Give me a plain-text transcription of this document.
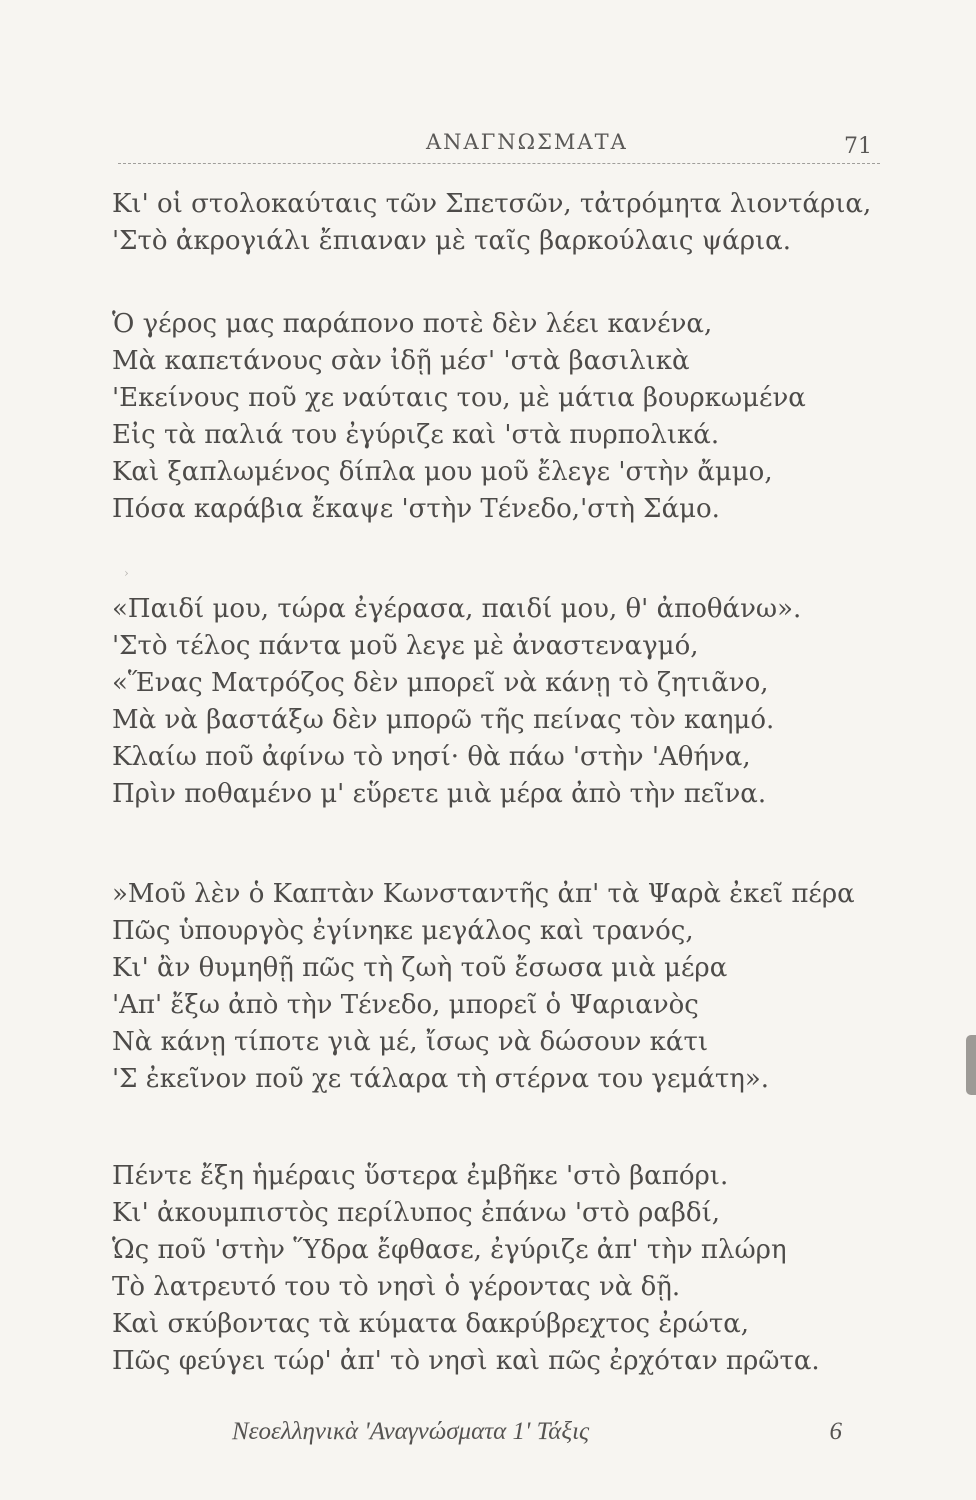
ΑΝΑΓΝΩΣΜΑΤΑ	71
Κι' οἱ στολοκαύταις τῶν Σπετσῶν, τἀτρόμητα λιοντάρια,
'Στὸ ἀκρογιάλι ἔπιαναν μὲ ταῖς βαρκούλαις ψάρια.
Ὁ γέρος μας παράπονο ποτὲ δὲν λέει κανένα,
Μὰ καπετάνους σὰν ἰδῇ μέσ' 'στὰ βασιλικὰ
'Εκείνους ποῦ χε ναύταις του, μὲ μάτια βουρκωμένα
Εἰς τὰ παλιά του ἐγύριζε καὶ 'στὰ πυρπολικά.
Καὶ ξαπλωμένος δίπλα μου μοῦ ἔλεγε 'στὴν ἄμμο,
Πόσα καράβια ἔκαψε 'στὴν Τένεδο,'στὴ Σάμο.
›
«Παιδί μου, τώρα ἐγέρασα, παιδί μου, θ' ἀποθάνω».
'Στὸ τέλος πάντα μοῦ λεγε μὲ ἀναστεναγμό,
«Ἕνας Ματρόζος δὲν μπορεῖ νὰ κάνῃ τὸ ζητιᾶνο,
Μὰ νὰ βαστάξω δὲν μπορῶ τῆς πείνας τὸν καημό.
Κλαίω ποῦ ἀφίνω τὸ νησί· θὰ πάω 'στὴν 'Αθήνα,
Πρὶν ποθαμένο μ' εὕρετε μιὰ μέρα ἀπὸ τὴν πεῖνα.
»Μοῦ λὲν ὁ Καπτὰν Κωνσταντῆς ἀπ' τὰ Ψαρὰ ἐκεῖ πέρα
Πῶς ὑπουργὸς ἐγίνηκε μεγάλος καὶ τρανός,
Κι' ἂν θυμηθῇ πῶς τὴ ζωὴ τοῦ ἔσωσα μιὰ μέρα
'Απ' ἔξω ἀπὸ τὴν Τένεδο, μπορεῖ ὁ Ψαριανὸς
Νὰ κάνῃ τίποτε γιὰ μέ, ἴσως νὰ δώσουν κάτι
'Σ ἐκεῖνον ποῦ χε τάλαρα τὴ στέρνα του γεμάτη».
Πέντε ἔξη ἡμέραις ὕστερα ἐμβῆκε 'στὸ βαπόρι.
Κι' ἀκουμπιστὸς περίλυπος ἐπάνω 'στὸ ραβδί,
Ὡς ποῦ 'στὴν Ὕδρα ἔφθασε, ἐγύριζε ἀπ' τὴν πλώρη
Τὸ λατρευτό του τὸ νησὶ ὁ γέροντας νὰ δῇ.
Καὶ σκύβοντας τὰ κύματα δακρύβρεχτος ἐρώτα,
Πῶς φεύγει τώρ' ἀπ' τὸ νησὶ καὶ πῶς ἐρχόταν πρῶτα.
Νεοελληνικὰ 'Αναγνώσματα 1' Τάξις	6
